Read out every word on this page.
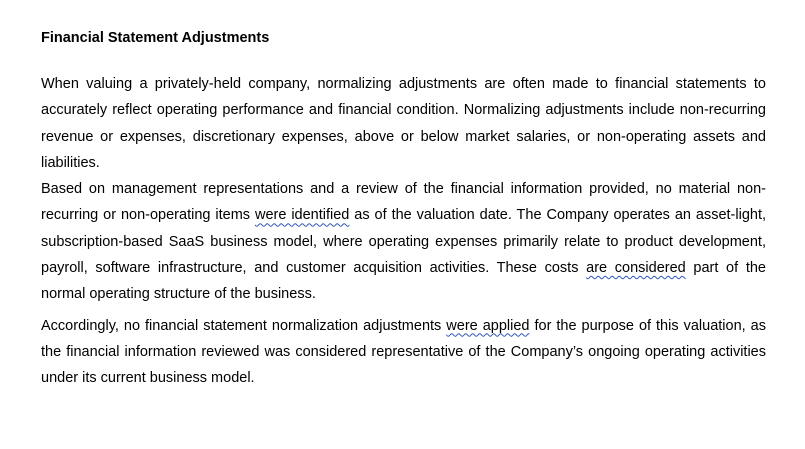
Financial Statement Adjustments

When valuing a privately-held company, normalizing adjustments are often made to financial statements to accurately reflect operating performance and financial condition. Normalizing adjustments include non-recurring revenue or expenses, discretionary expenses, above or below market salaries, or non-operating assets and liabilities.

Based on management representations and a review of the financial information provided, no material non-recurring or non-operating items were identified as of the valuation date. The Company operates an asset-light, subscription-based SaaS business model, where operating expenses primarily relate to product development, payroll, software infrastructure, and customer acquisition activities. These costs are considered part of the normal operating structure of the business.

Accordingly, no financial statement normalization adjustments were applied for the purpose of this valuation, as the financial information reviewed was considered representative of the Company’s ongoing operating activities under its current business model.
